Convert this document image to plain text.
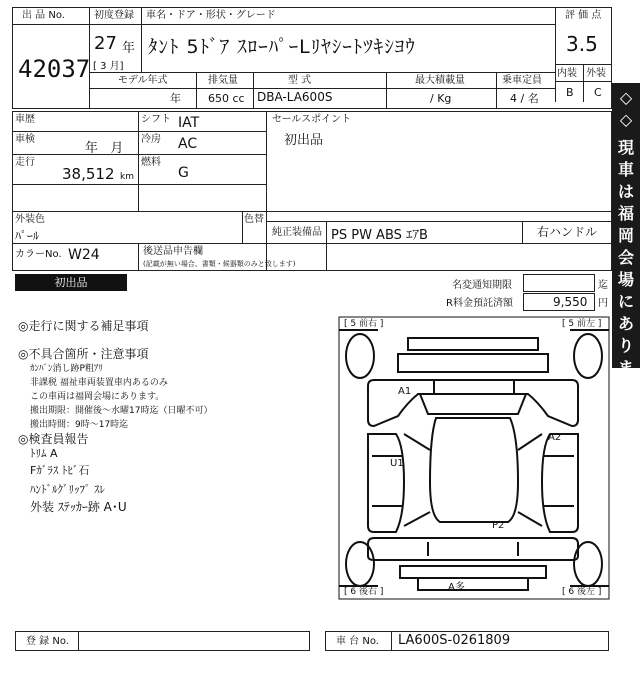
出 品 No.
42037
初度登録
27 年
[ 3 月]
車名・ドア・形状・グレード
ﾀﾝﾄ 5ﾄﾞｱ ｽﾛｰﾊﾟｰLﾘﾔｼｰﾄﾂｷｼﾖｳ
評 価 点
3.5
内装 外装
B C
モデル年式
年
排気量
650 cc
型 式
DBA-LA600S
最大積載量
/ Kg
乗車定員
4 / 名
車歴
車検
年   月
走行
38,512 km
シフト IAT
冷房 AC
燃料
G
セールスポイント
初出品
外装色
ﾊﾟｰﾙ
色替
純正装備品 PS PW ABS ｴｱB	右ハンドル
カラーNo. W24	後送品申告欄
(記載が無い場合、書類・候器類のみと致します)
◇
◇
現
車
は
福
岡
会
場
に
あ
り
ま
す
◇
◇
初出品	名変通知期限	迄
R料金預託済額	9,550 円
◎走行に関する補足事項
◎不具合箇所・注意事項
ｶﾝﾊﾞﾝ消し跡P粗ｱﾘ
非課税 福祉車両装置車内あるのみ
この車両は福岡会場にあります。
搬出期限：開催後～水曜17時迄（日曜不可）
搬出時間：9時～17時迄
◎検査員報告
ﾄﾘﾑ A
Fｶﾞﾗｽ ﾄﾋﾞ石
ﾊﾝﾄﾞﾙｸﾞﾘｯﾌﾟ ｽﾚ
外装 ｽﾃｯｶｰ跡 A･U
[ 5 前右 ]	[ 5 前左 ]
[ 6 後右 ]	[ 6 後左 ]
A1
A2
U1
P2
A多
登 録 No.	車 台 No. LA600S-0261809
